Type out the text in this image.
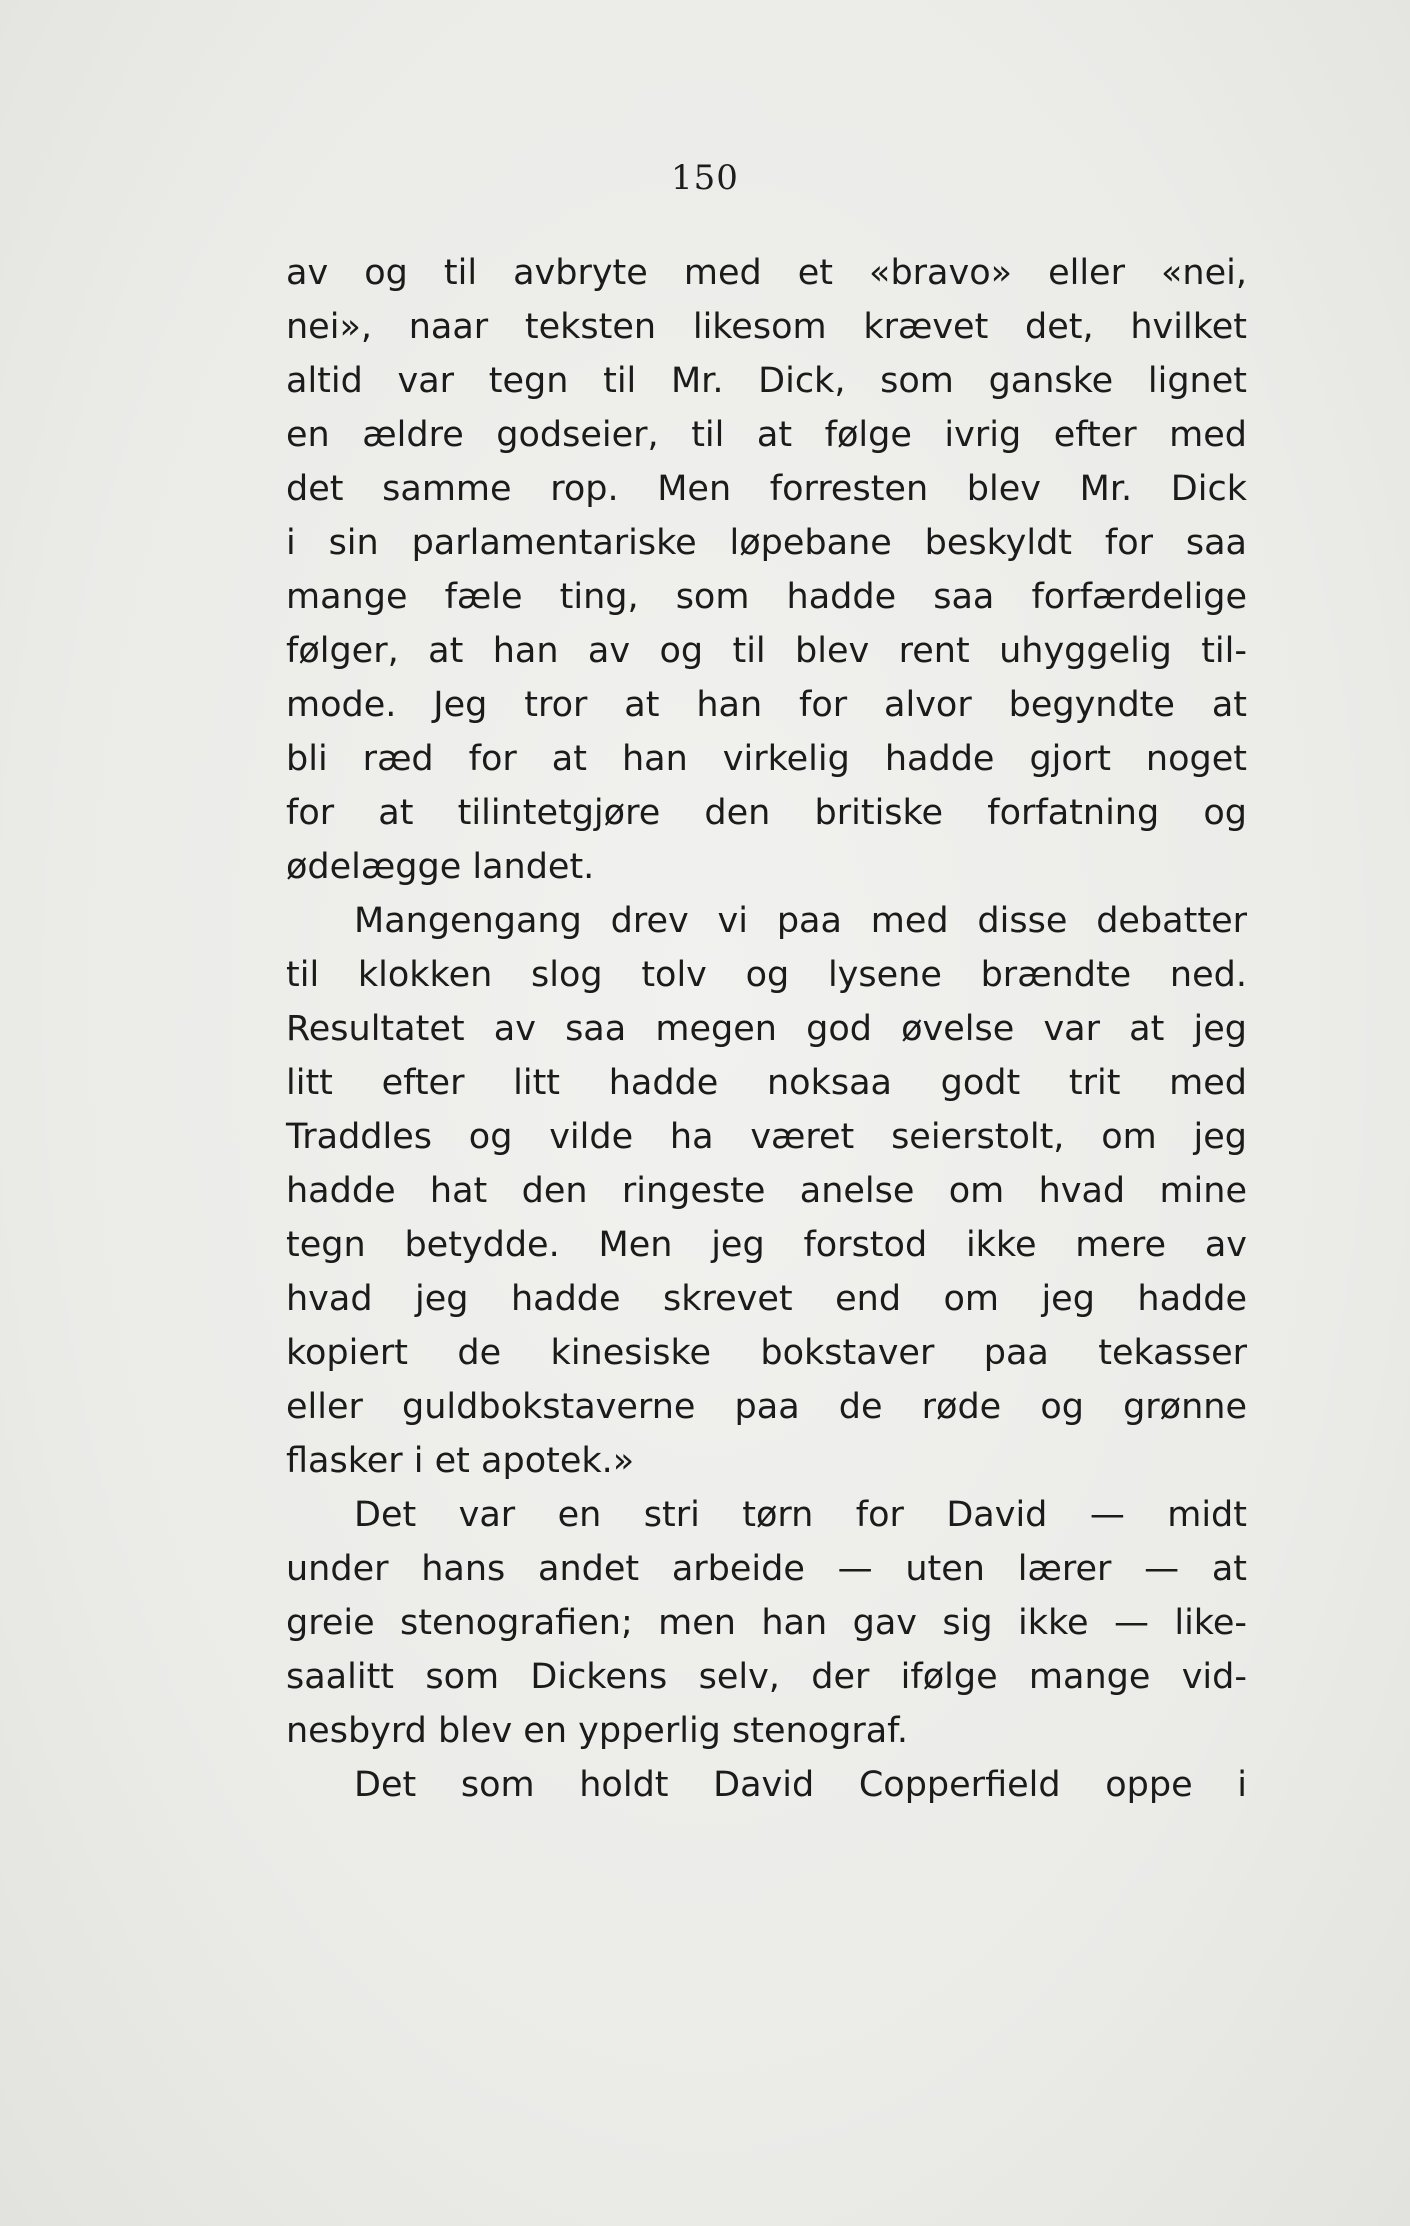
150
av og til avbryte med et «bravo» eller «nei,
nei», naar teksten likesom krævet det, hvilket
altid var tegn til Mr. Dick, som ganske lignet
en ældre godseier, til at følge ivrig efter med
det samme rop. Men forresten blev Mr. Dick
i sin parlamentariske løpebane beskyldt for saa
mange fæle ting, som hadde saa forfærdelige
følger, at han av og til blev rent uhyggelig til-
mode. Jeg tror at han for alvor begyndte at
bli ræd for at han virkelig hadde gjort noget
for at tilintetgjøre den britiske forfatning og
ødelægge landet.
Mangengang drev vi paa med disse debatter
til klokken slog tolv og lysene brændte ned.
Resultatet av saa megen god øvelse var at jeg
litt efter litt hadde noksaa godt trit med
Traddles og vilde ha været seierstolt, om jeg
hadde hat den ringeste anelse om hvad mine
tegn betydde. Men jeg forstod ikke mere av
hvad jeg hadde skrevet end om jeg hadde
kopiert de kinesiske bokstaver paa tekasser
eller guldbokstaverne paa de røde og grønne
flasker i et apotek.»
Det var en stri tørn for David — midt
under hans andet arbeide — uten lærer — at
greie stenografien; men han gav sig ikke — like-
saalitt som Dickens selv, der ifølge mange vid-
nesbyrd blev en ypperlig stenograf.
Det som holdt David Copperfield oppe i
